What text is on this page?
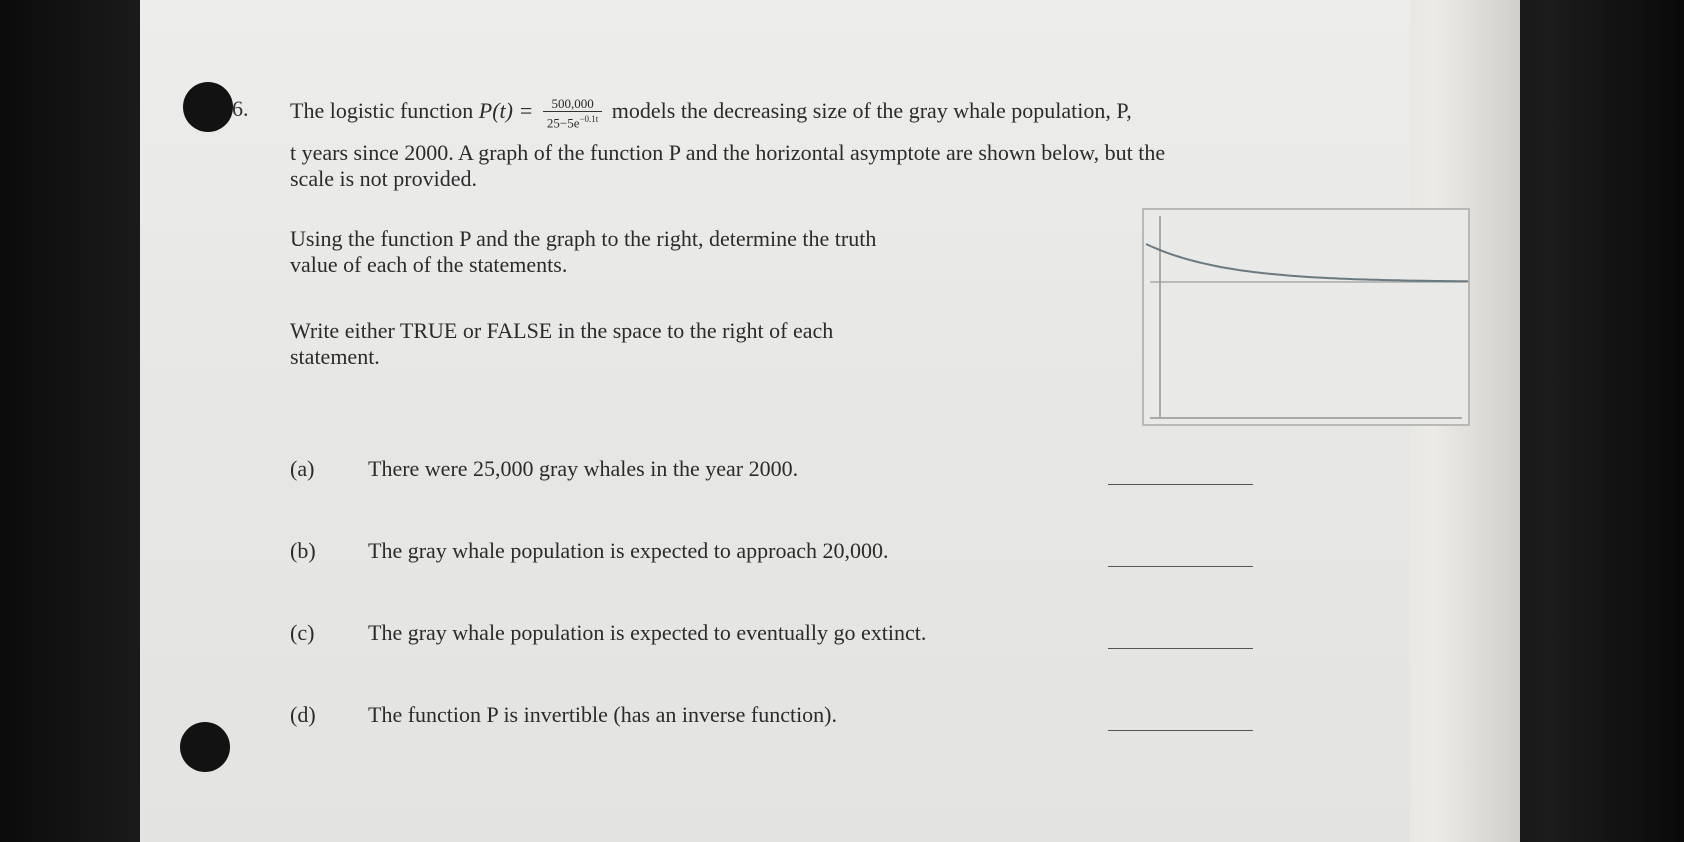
6. The logistic function $P(t) = \frac{500,000}{25-5e^{-0.1t}}$ models the decreasing size of the gray whale population, P,
t years since 2000. A graph of the function P and the horizontal asymptote are shown below, but the
scale is not provided.
Using the function P and the graph to the right, determine the truth
value of each of the statements.
Write either TRUE or FALSE in the space to the right of each
statement.
(a) There were 25,000 gray whales in the year 2000.
(b) The gray whale population is expected to approach 20,000.
(c) The gray whale population is expected to eventually go extinct.
(d) The function P is invertible (has an inverse function).
